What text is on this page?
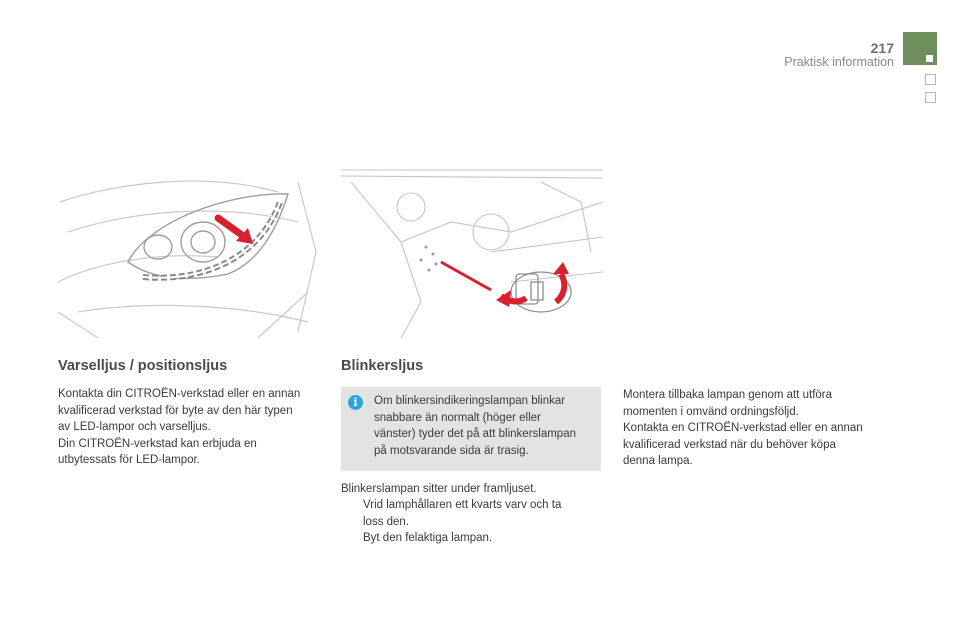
217
Praktisk information
Varselljus / positionsljus

Kontakta din CITROËN-verkstad eller en annan
kvalificerad verkstad för byte av den här typen
av LED-lampor och varselljus.
Din CITROËN-verkstad kan erbjuda en
utbytessats för LED-lampor.

Blinkersljus
i	Om blinkersindikeringslampan blinkar
snabbare än normalt (höger eller
vänster) tyder det på att blinkerslampan
på motsvarande sida är trasig.

Blinkerslampan sitter under framljuset.

Vrid lamphållaren ett kvarts varv och ta
loss den.
Byt den felaktiga lampan.

Montera tillbaka lampan genom att utföra
momenten i omvänd ordningsföljd.
Kontakta en CITROËN-verkstad eller en annan
kvalificerad verkstad när du behöver köpa
denna lampa.
